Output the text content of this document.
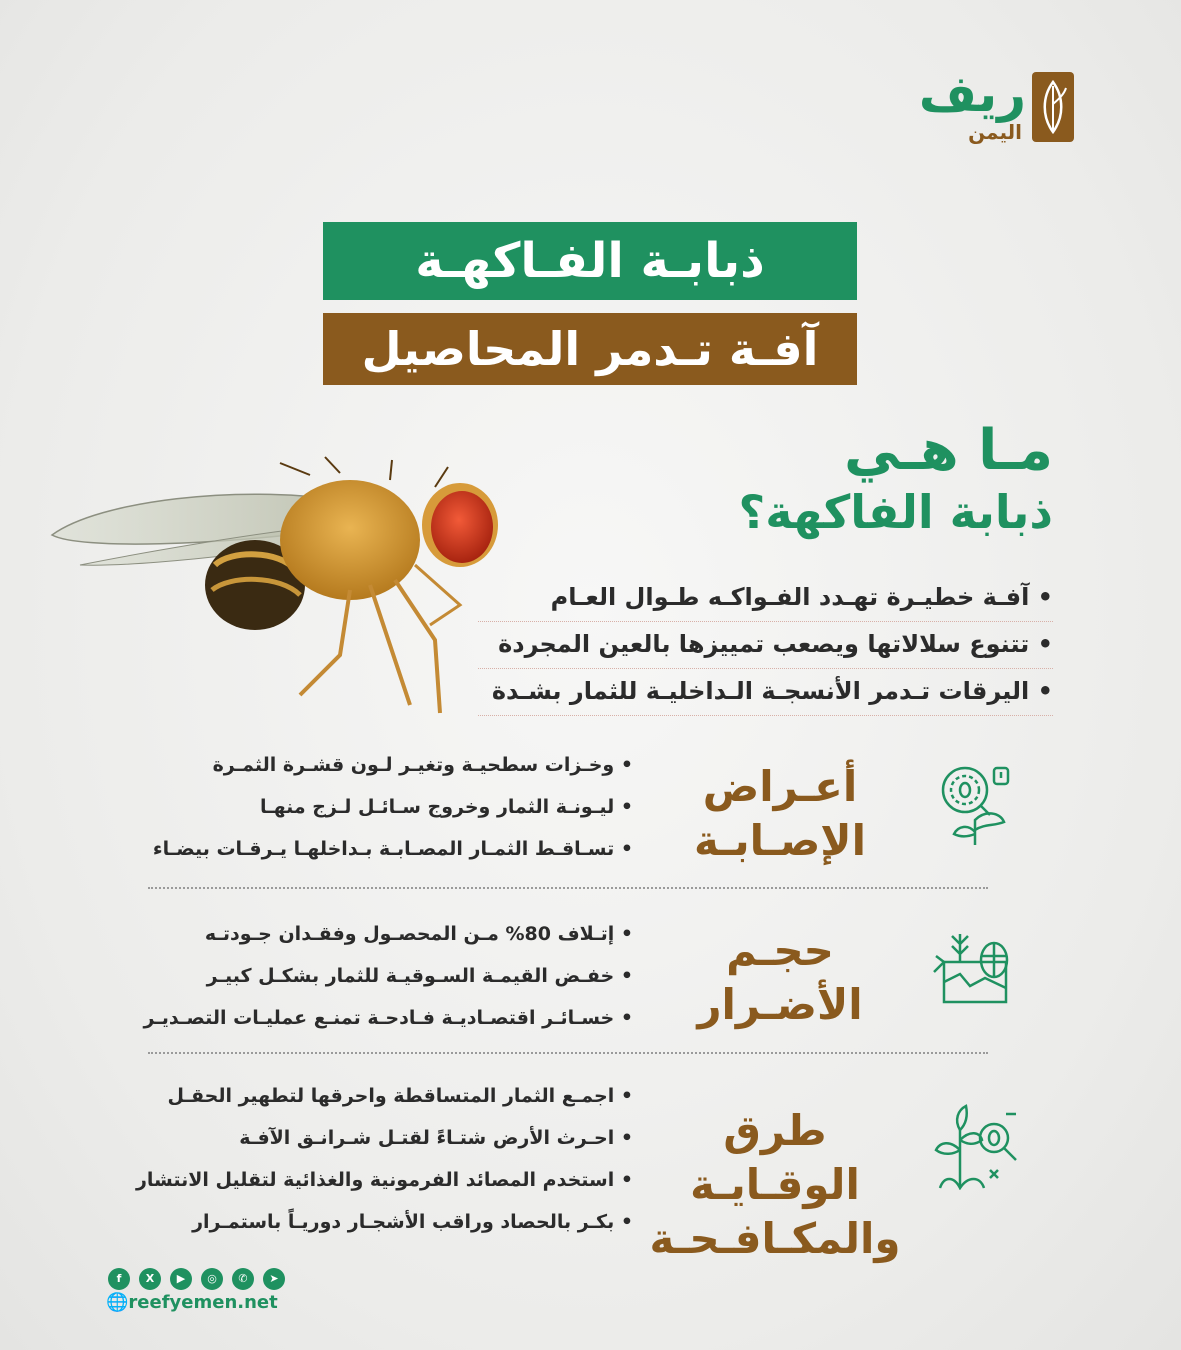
ريف
اليمن
ذبابـة الفـاكهـة
آفـة تـدمر المحاصيل
مـا هـي
ذبابة الفاكهة؟
• آفـة خطيـرة تهـدد الفـواكـه طـوال العـام
• تتنوع سلالاتها ويصعب تمييزها بالعين المجردة
• اليرقات تـدمر الأنسجـة الـداخليـة للثمار بشـدة
أعـراض
الإصـابـة
• وخـزات سطحيـة وتغيـر لـون قشـرة الثمـرة
• ليـونـة الثمار وخروج سـائـل لـزج منهـا
• تسـاقـط الثمـار المصـابـة بـداخلهـا يـرقـات بيضـاء
حجـم
الأضـرار
• إتـلاف 80% مـن المحصـول وفقـدان جـودتـه
• خفـض القيمـة السـوقيـة للثمار بشكـل كبيـر
• خسـائـر اقتصـاديـة فـادحـة تمنـع عمليـات التصـديـر
طرق الوقـايـة
والمكـافـحـة
• اجمـع الثمار المتساقطة واحرقها لتطهير الحقـل
• احـرث الأرض شتـاءً لقتـل شـرانـق الآفـة
• استخدم المصائد الفرمونية والغذائية لتقليل الانتشار
• بكـر بالحصاد وراقب الأشجـار دوريـاً باستمـرار
f	X	▶	◎	✆	➤
🌐reefyemen.net
